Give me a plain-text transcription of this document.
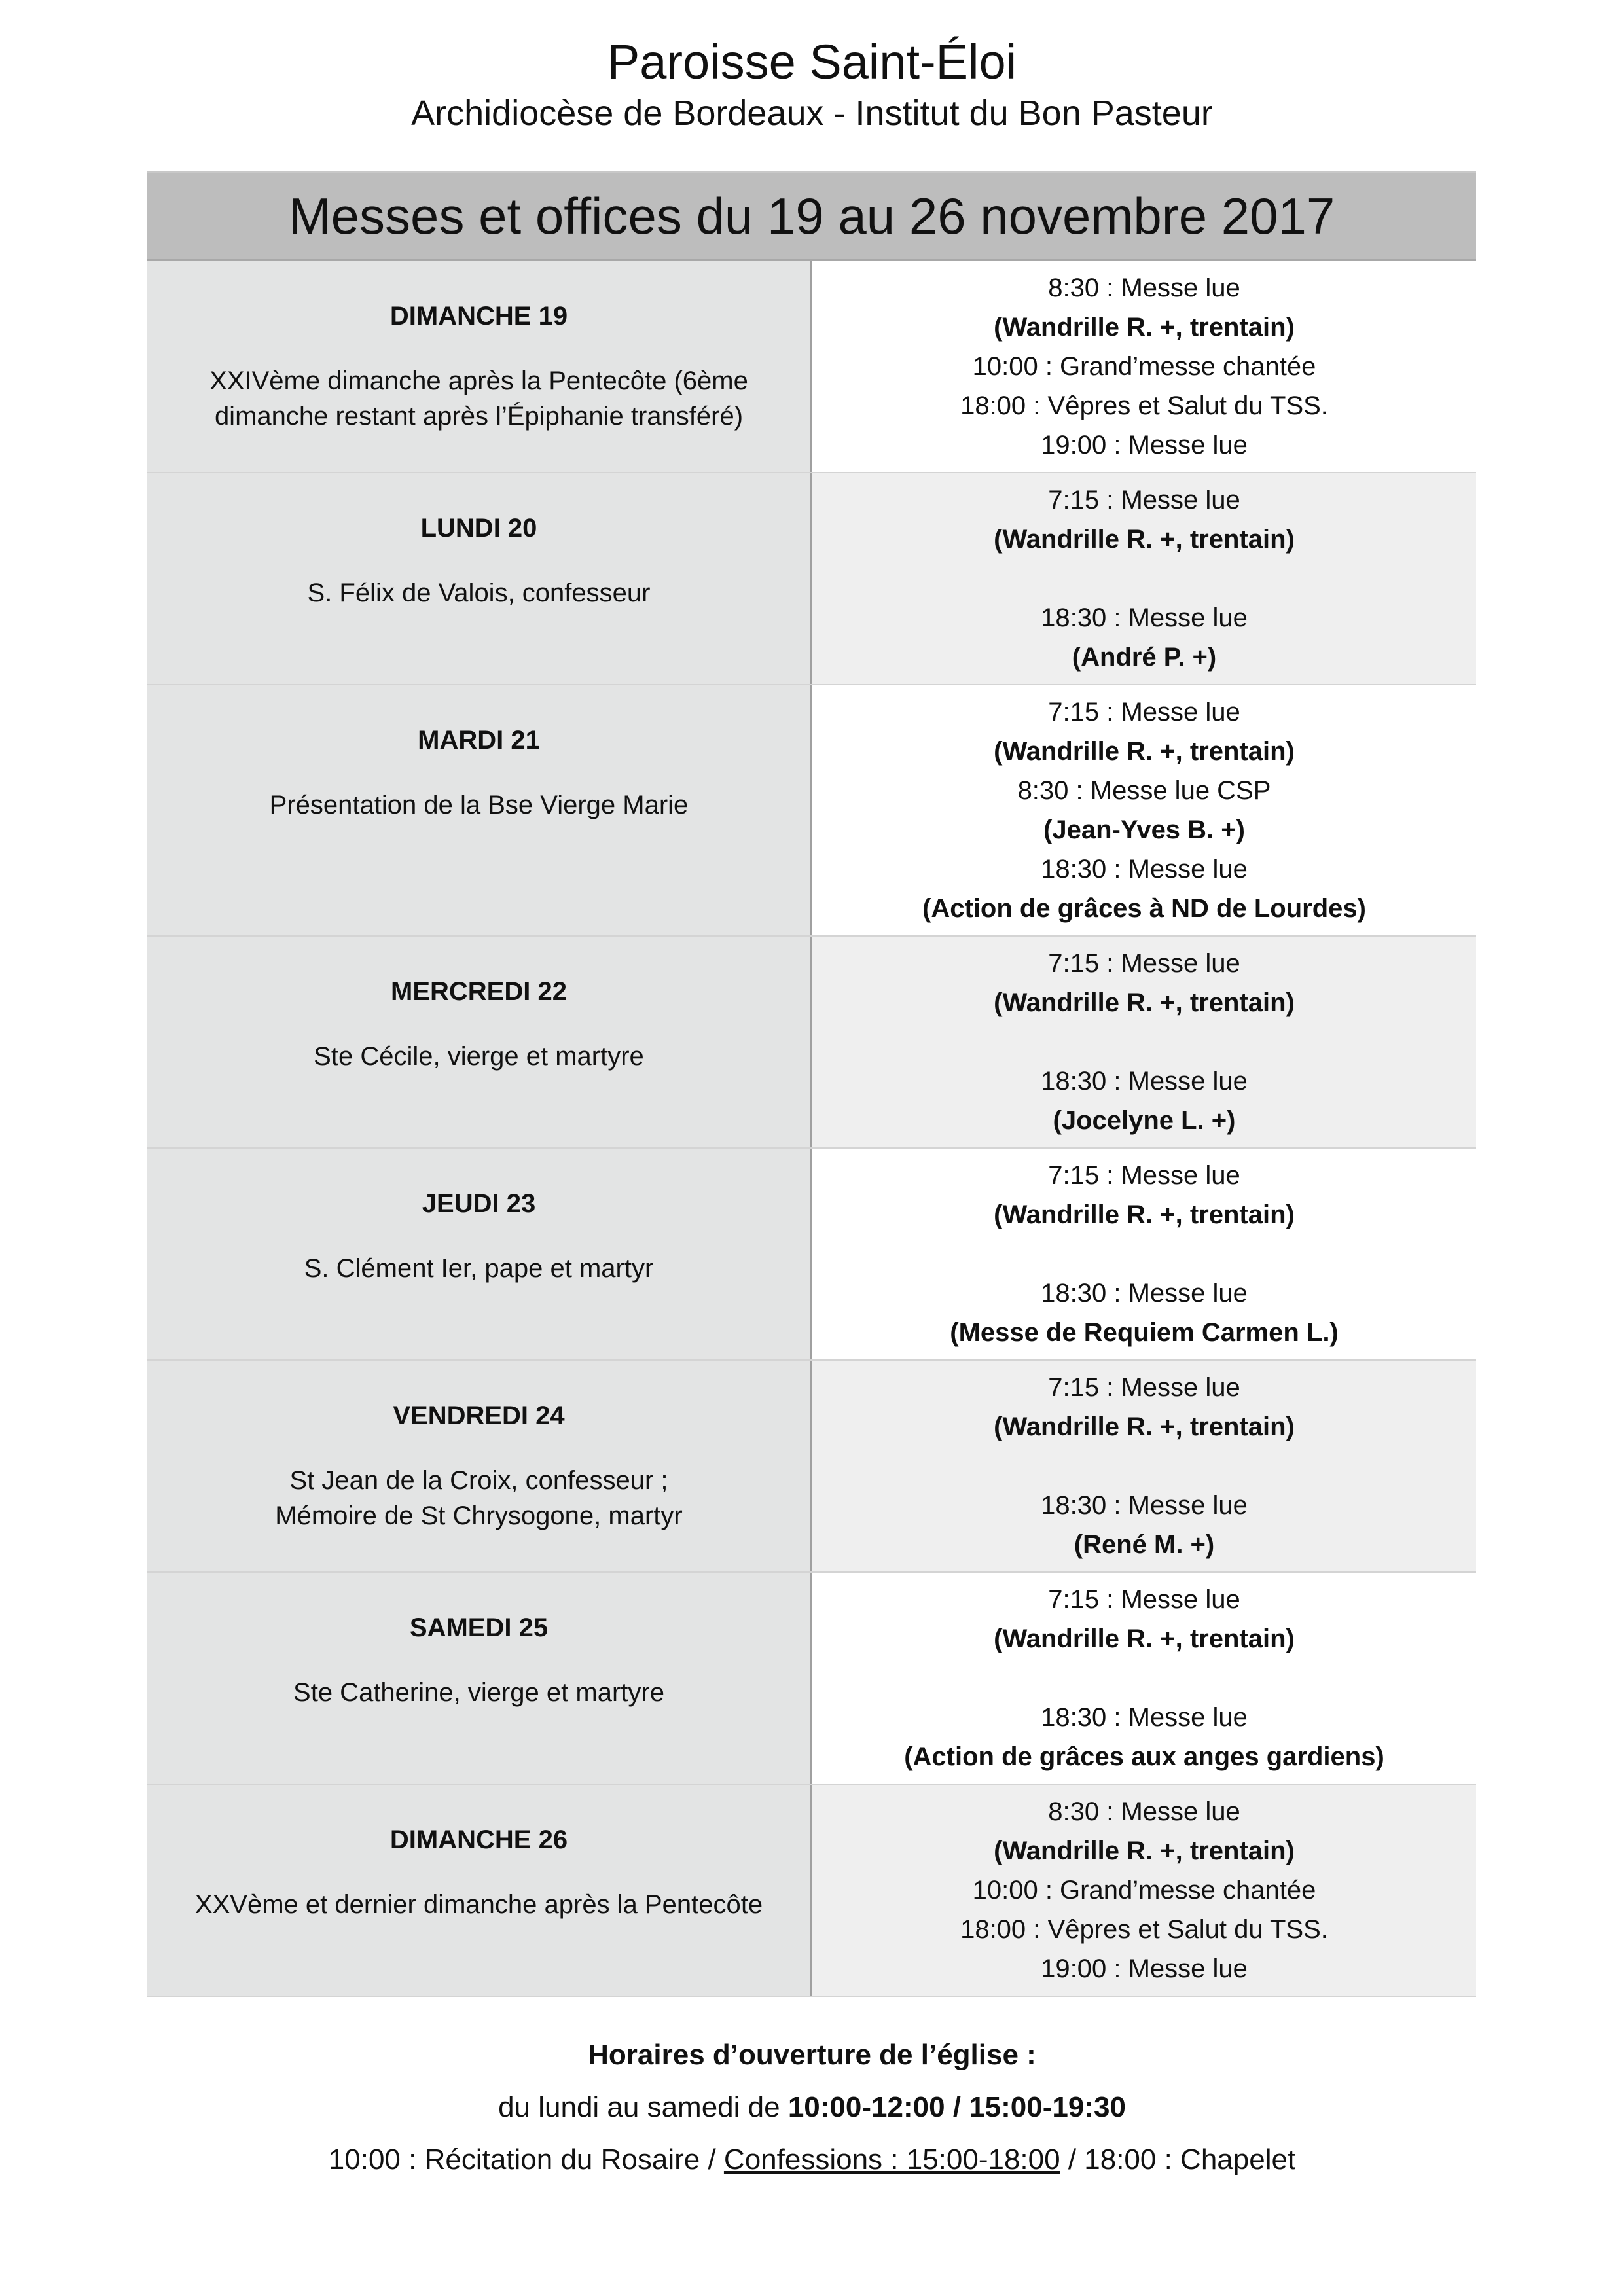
Paroisse Saint-Éloi
Archidiocèse de Bordeaux - Institut du Bon Pasteur
Messes et offices du 19 au 26 novembre 2017
DIMANCHE 19
XXIVème dimanche après la Pentecôte (6ème
dimanche restant après l’Épiphanie transféré)
8:30 : Messe lue
(Wandrille R. +, trentain)
10:00 : Grand’messe chantée
18:00 : Vêpres et Salut du TSS.
19:00 : Messe lue
LUNDI 20
S. Félix de Valois, confesseur
7:15 : Messe lue
(Wandrille R. +, trentain)
18:30 : Messe lue
(André P. +)
MARDI 21
Présentation de la Bse Vierge Marie
7:15 : Messe lue
(Wandrille R. +, trentain)
8:30 : Messe lue CSP
(Jean-Yves B. +)
18:30 : Messe lue
(Action de grâces à ND de Lourdes)
MERCREDI 22
Ste Cécile, vierge et martyre
7:15 : Messe lue
(Wandrille R. +, trentain)
18:30 : Messe lue
(Jocelyne L. +)
JEUDI 23
S. Clément Ier, pape et martyr
7:15 : Messe lue
(Wandrille R. +, trentain)
18:30 : Messe lue
(Messe de Requiem Carmen L.)
VENDREDI 24
St Jean de la Croix, confesseur ;
Mémoire de St Chrysogone, martyr
7:15 : Messe lue
(Wandrille R. +, trentain)
18:30 : Messe lue
(René M. +)
SAMEDI 25
Ste Catherine, vierge et martyre
7:15 : Messe lue
(Wandrille R. +, trentain)
18:30 : Messe lue
(Action de grâces aux anges gardiens)
DIMANCHE 26
XXVème et dernier dimanche après la Pentecôte
8:30 : Messe lue
(Wandrille R. +, trentain)
10:00 : Grand’messe chantée
18:00 : Vêpres et Salut du TSS.
19:00 : Messe lue
Horaires d’ouverture de l’église :
du lundi au samedi de 10:00-12:00 / 15:00-19:30
10:00 : Récitation du Rosaire / Confessions : 15:00-18:00 / 18:00 : Chapelet
